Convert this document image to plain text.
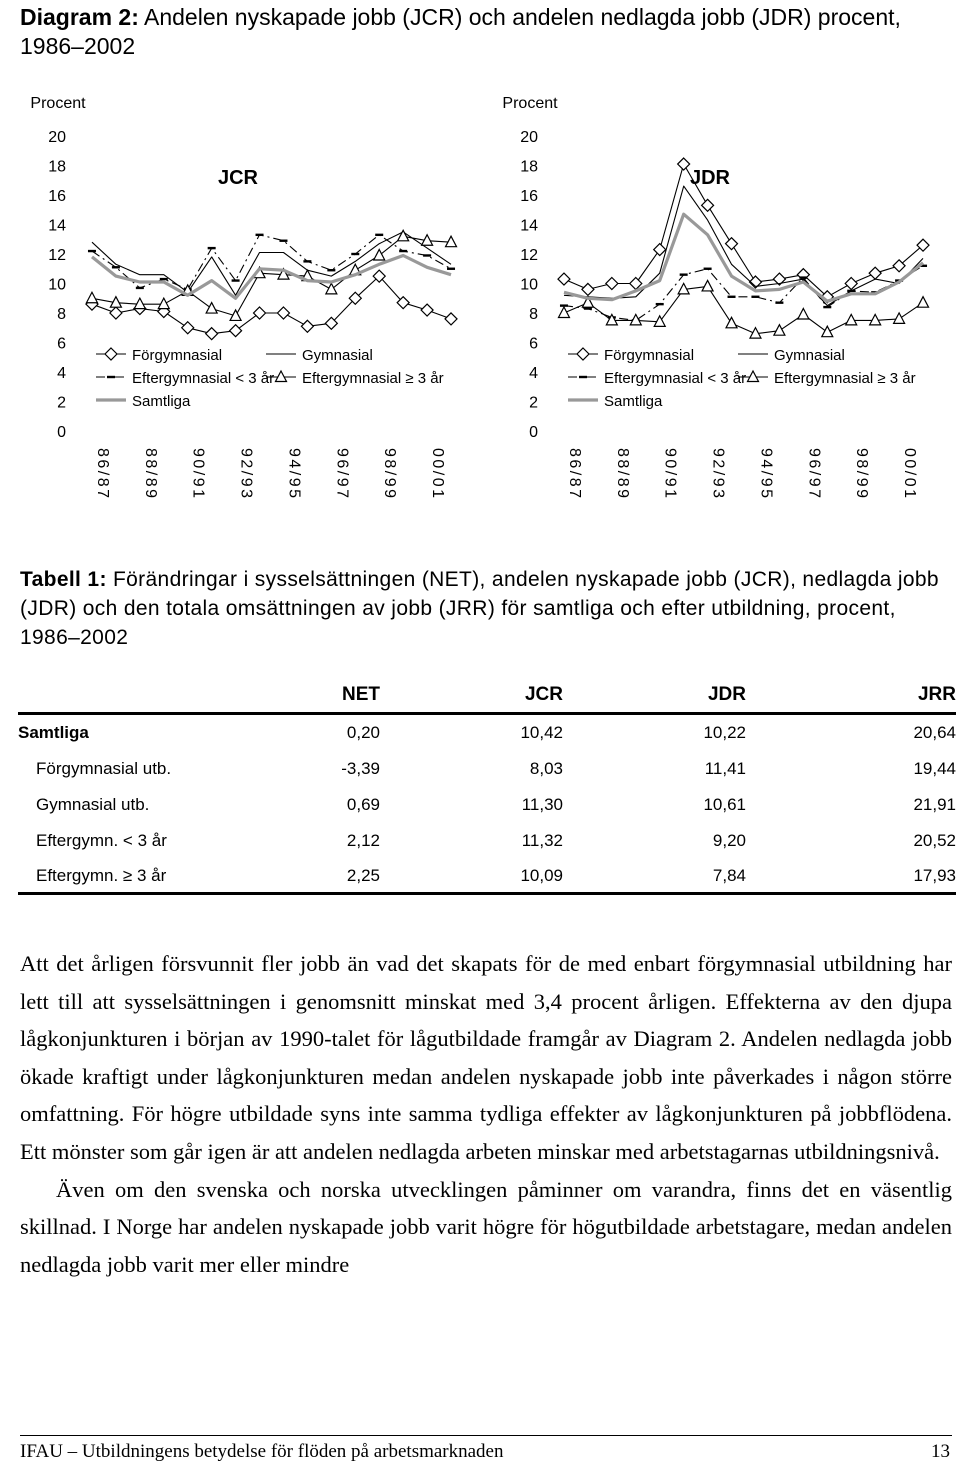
Diagram 2: Andelen nyskapade jobb (JCR) och andelen nedlagda jobb (JDR) procent, 1986–2002
Procent
0
2
4
6
8
10
12
14
16
18
20
JCR
86/87 88/89 90/91 92/93 94/95 96/97 98/99 00/01
Förgymnasial	Gymnasial
Eftergymnasial < 3 år Eftergymnasial ≥ 3 år
Samtliga
Procent
0
2
4
6
8
10
12
14
16
18
20
JDR
86/87 88/89 90/91 92/93 94/95 96/97 98/99 00/01
Förgymnasial	Gymnasial
Eftergymnasial < 3 år Eftergymnasial ≥ 3 år
Samtliga
Tabell 1: Förändringar i sysselsättningen (NET), andelen nyskapade jobb (JCR), nedlagda jobb (JDR) och den totala omsättningen av jobb (JRR) för samtliga och efter utbildning, procent, 1986–2002
	NET	JCR	JDR	JRR
Samtliga	0,20	10,42	10,22	20,64
Förgymnasial utb.	-3,39	8,03	11,41	19,44
Gymnasial utb.	0,69	11,30	10,61	21,91
Eftergymn. < 3 år	2,12	11,32	9,20	20,52
Eftergymn. ≥ 3 år	2,25	10,09	7,84	17,93

Att det årligen försvunnit fler jobb än vad det skapats för de med enbart förgymnasial utbildning har lett till att sysselsättningen i genomsnitt minskat med 3,4 procent årligen. Effekterna av den djupa lågkonjunkturen i början av 1990-talet för lågutbildade framgår av Diagram 2. Andelen nedlagda jobb ökade kraftigt under lågkonjunkturen medan andelen nyskapade jobb inte påverkades i någon större omfattning. För högre utbildade syns inte samma tydliga effekter av lågkonjunkturen på jobbflödena. Ett mönster som går igen är att andelen nedlagda arbeten minskar med arbetstagarnas utbildningsnivå.

Även om den svenska och norska utvecklingen påminner om varandra, finns det en väsentlig skillnad. I Norge har andelen nyskapade jobb varit högre för högutbildade arbetstagare, medan andelen nedlagda jobb varit mer eller mindre

IFAU – Utbildningens betydelse för flöden på arbetsmarknaden	13
